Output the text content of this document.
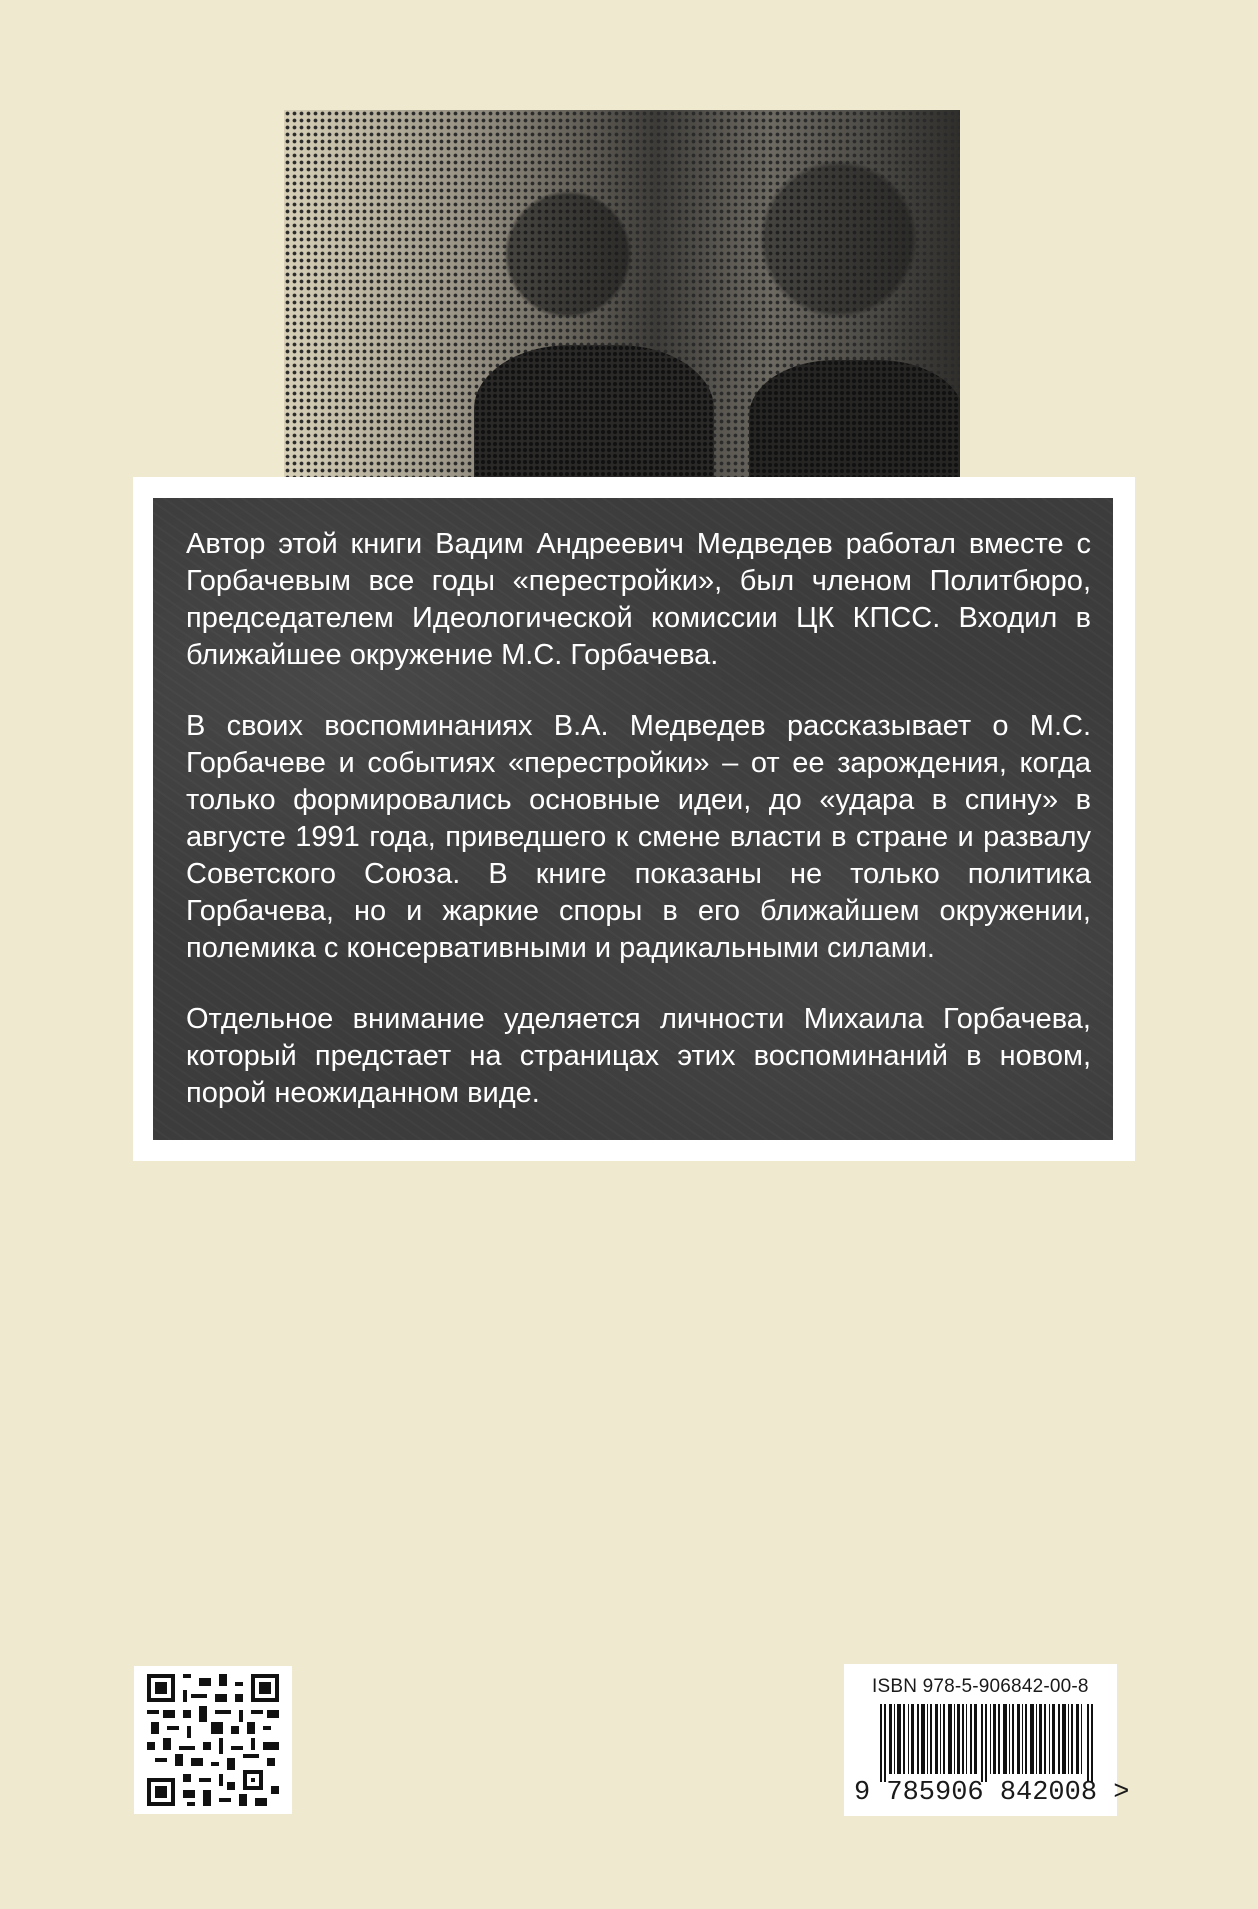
Автор этой книги Вадим Андреевич Медведев работал вместе с Горбачевым все годы «перестройки», был членом Политбюро, председателем Идеологической комиссии ЦК КПСС. Входил в ближайшее окружение М.С. Горбачева.

В своих воспоминаниях В.А. Медведев рассказывает о М.С. Горбачеве и событиях «перестройки» – от ее зарождения, когда только формировались основные идеи, до «удара в спину» в августе 1991 года, приведшего к смене власти в стране и развалу Советского Союза. В книге показаны не только политика Горбачева, но и жаркие споры в его ближайшем окружении, полемика с консервативными и радикальными силами.

Отдельное внимание уделяется личности Михаила Горбачева, который предстает на страницах этих воспоминаний в новом, порой неожиданном виде.

ISBN 978-5-906842-00-8
9 785906 842008 >
